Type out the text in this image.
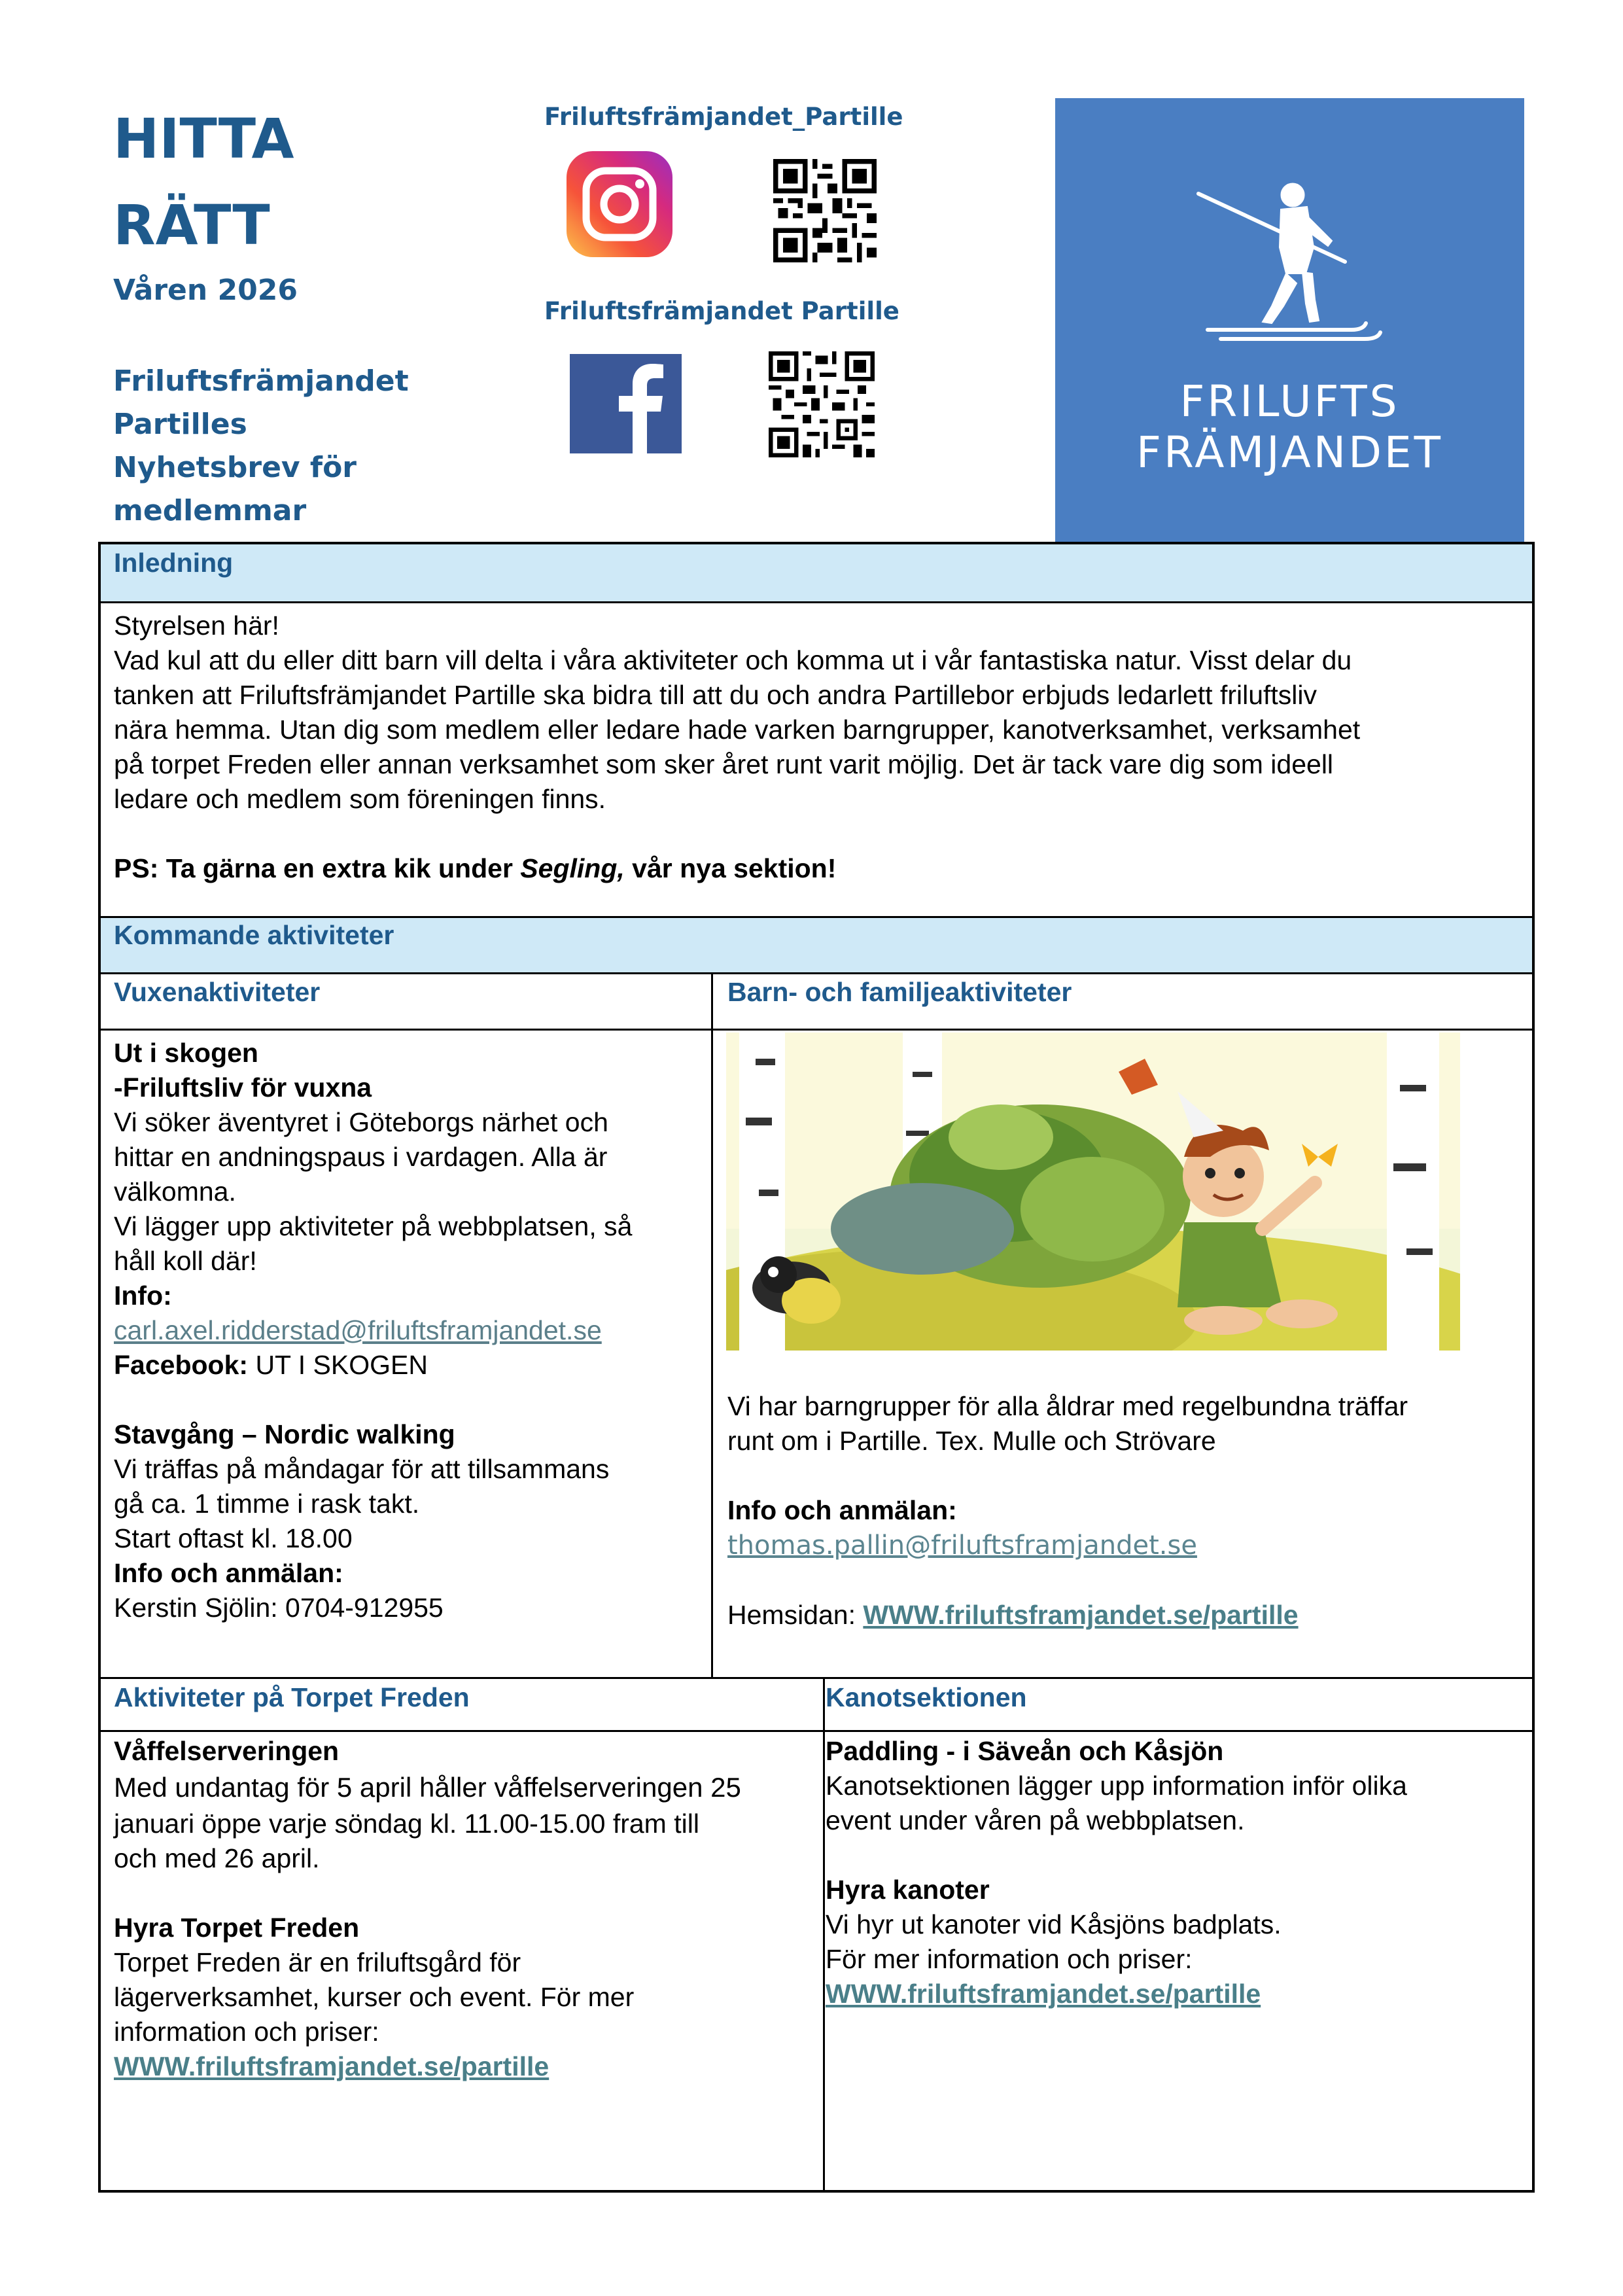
HITTA
RÄTT
Våren 2026
Friluftsfrämjandet
Partilles
Nyhetsbrev för
medlemmar
Friluftsfrämjandet_Partille
Friluftsfrämjandet Partille
FRILUFTS
FRÄMJANDET
Inledning

Styrelsen här!

Vad kul att du eller ditt barn vill delta i våra aktiviteter och komma ut i vår fantastiska natur. Visst delar du

tanken att Friluftsfrämjandet Partille ska bidra till att du och andra Partillebor erbjuds ledarlett friluftsliv

nära hemma. Utan dig som medlem eller ledare hade varken barngrupper, kanotverksamhet, verksamhet

på torpet Freden eller annan verksamhet som sker året runt varit möjlig. Det är tack vare dig som ideell

ledare och medlem som föreningen finns.

PS: Ta gärna en extra kik under Segling, vår nya sektion!

Kommande aktiviteter
Vuxenaktiviteter	Barn- och familjeaktiviteter

Ut i skogen

-Friluftsliv för vuxna

Vi söker äventyret i Göteborgs närhet och

hittar en andningspaus i vardagen. Alla är

välkomna.

Vi lägger upp aktiviteter på webbplatsen, så

håll koll där!

Info:

carl.axel.ridderstad@friluftsframjandet.se

Facebook: UT I SKOGEN

Stavgång – Nordic walking

Vi träffas på måndagar för att tillsammans

gå ca. 1 timme i rask takt.

Start oftast kl. 18.00

Info och anmälan:

Kerstin Sjölin: 0704-912955

Vi har barngrupper för alla åldrar med regelbundna träffar

runt om i Partille. Tex. Mulle och Strövare

Info och anmälan:

thomas.pallin@friluftsframjandet.se

Hemsidan: WWW.friluftsframjandet.se/partille

Aktiviteter på Torpet Freden

Våffelserveringen

Med undantag för 5 april håller våffelserveringen 25

januari öppe varje söndag kl. 11.00-15.00 fram till

och med 26 april.

Hyra Torpet Freden

Torpet Freden är en friluftsgård för

lägerverksamhet, kurser och event. För mer

information och priser:

WWW.friluftsframjandet.se/partille

Kanotsektionen

Paddling - i Säveån och Kåsjön

Kanotsektionen lägger upp information inför olika

event under våren på webbplatsen.

Hyra kanoter

Vi hyr ut kanoter vid Kåsjöns badplats.

För mer information och priser:

WWW.friluftsframjandet.se/partille
